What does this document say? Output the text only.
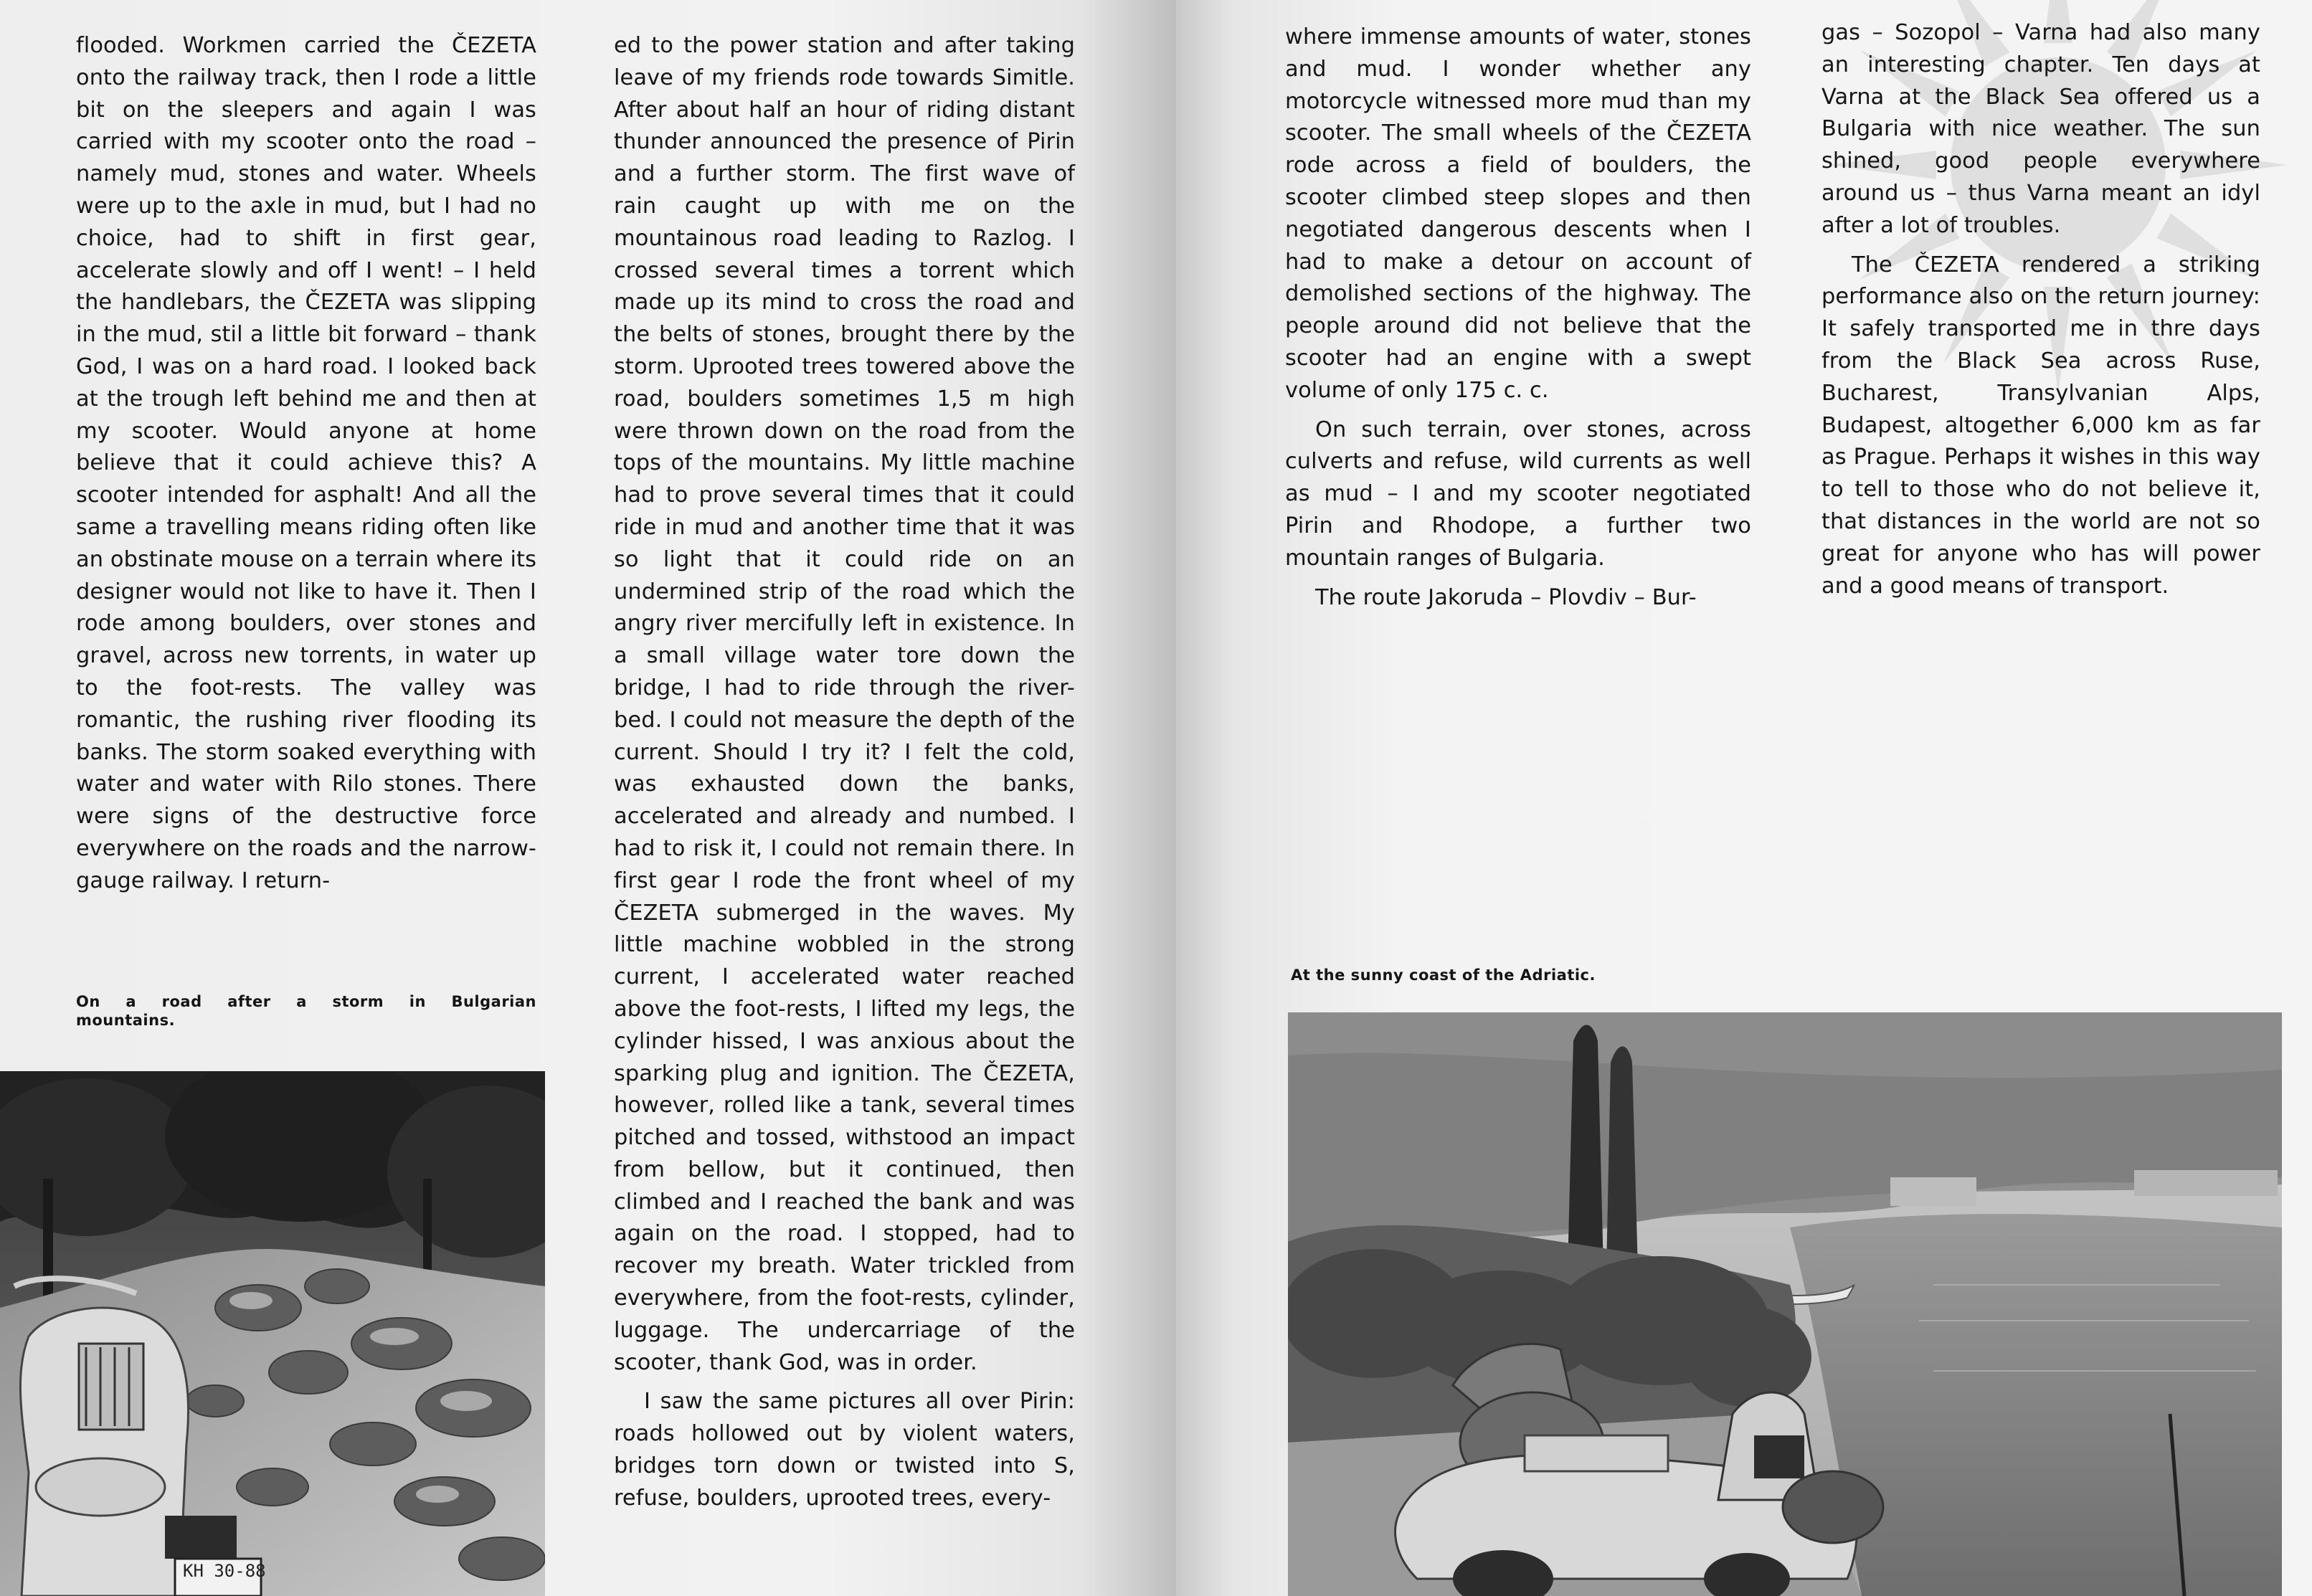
flooded. Workmen carried the ČEZETA onto the railway track, then I rode a little bit on the sleepers and again I was carried with my scooter onto the road – namely mud, stones and water. Wheels were up to the axle in mud, but I had no choice, had to shift in first gear, accelerate slowly and off I went! – I held the handlebars, the ČEZETA was slipping in the mud, stil a little bit forward – thank God, I was on a hard road. I looked back at the trough left behind me and then at my scooter. Would anyone at home believe that it could achieve this? A scooter intended for asphalt! And all the same a travelling means riding often like an obstinate mouse on a terrain where its designer would not like to have it. Then I rode among boulders, over stones and gravel, across new torrents, in water up to the foot-rests. The valley was romantic, the rushing river flooding its banks. The storm soaked everything with water and water with Rilo stones. There were signs of the destructive force everywhere on the roads and the narrow-gauge railway. I return-

ed to the power station and after taking leave of my friends rode towards Simitle. After about half an hour of riding distant thunder announced the presence of Pirin and a further storm. The first wave of rain caught up with me on the mountainous road leading to Razlog. I crossed several times a torrent which made up its mind to cross the road and the belts of stones, brought there by the storm. Uprooted trees towered above the road, boulders sometimes 1,5 m high were thrown down on the road from the tops of the mountains. My little machine had to prove several times that it could ride in mud and another time that it was so light that it could ride on an undermined strip of the road which the angry river mercifully left in existence. In a small village water tore down the bridge, I had to ride through the river-bed. I could not measure the depth of the current. Should I try it? I felt the cold, was exhausted down the banks, accelerated and already and numbed. I had to risk it, I could not remain there. In first gear I rode the front wheel of my ČEZETA submerged in the waves. My little machine wobbled in the strong current, I accelerated water reached above the foot-rests, I lifted my legs, the cylinder hissed, I was anxious about the sparking plug and ignition. The ČEZETA, however, rolled like a tank, several times pitched and tossed, withstood an impact from bellow, but it continued, then climbed and I reached the bank and was again on the road. I stopped, had to recover my breath. Water trickled from everywhere, from the foot-rests, cylinder, luggage. The undercarriage of the scooter, thank God, was in order.

I saw the same pictures all over Pirin: roads hollowed out by violent waters, bridges torn down or twisted into S, refuse, boulders, uprooted trees, every-

On a road after a storm in Bulgarian
mountains.
KH 30-88

where immense amounts of water, stones and mud. I wonder whether any motorcycle witnessed more mud than my scooter. The small wheels of the ČEZETA rode across a field of boulders, the scooter climbed steep slopes and then negotiated dangerous descents when I had to make a detour on account of demolished sections of the highway. The people around did not believe that the scooter had an engine with a swept volume of only 175 c. c.

On such terrain, over stones, across culverts and refuse, wild currents as well as mud – I and my scooter negotiated Pirin and Rhodope, a further two mountain ranges of Bulgaria.

The route Jakoruda – Plovdiv – Bur-

gas – Sozopol – Varna had also many an interesting chapter. Ten days at Varna at the Black Sea offered us a Bulgaria with nice weather. The sun shined, good people everywhere around us – thus Varna meant an idyl after a lot of troubles.

The ČEZETA rendered a striking performance also on the return journey: It safely transported me in thre days from the Black Sea across Ruse, Bucharest, Transylvanian Alps, Budapest, altogether 6,000 km as far as Prague. Perhaps it wishes in this way to tell to those who do not believe it, that distances in the world are not so great for anyone who has will power and a good means of transport.

At the sunny coast of the Adriatic.
